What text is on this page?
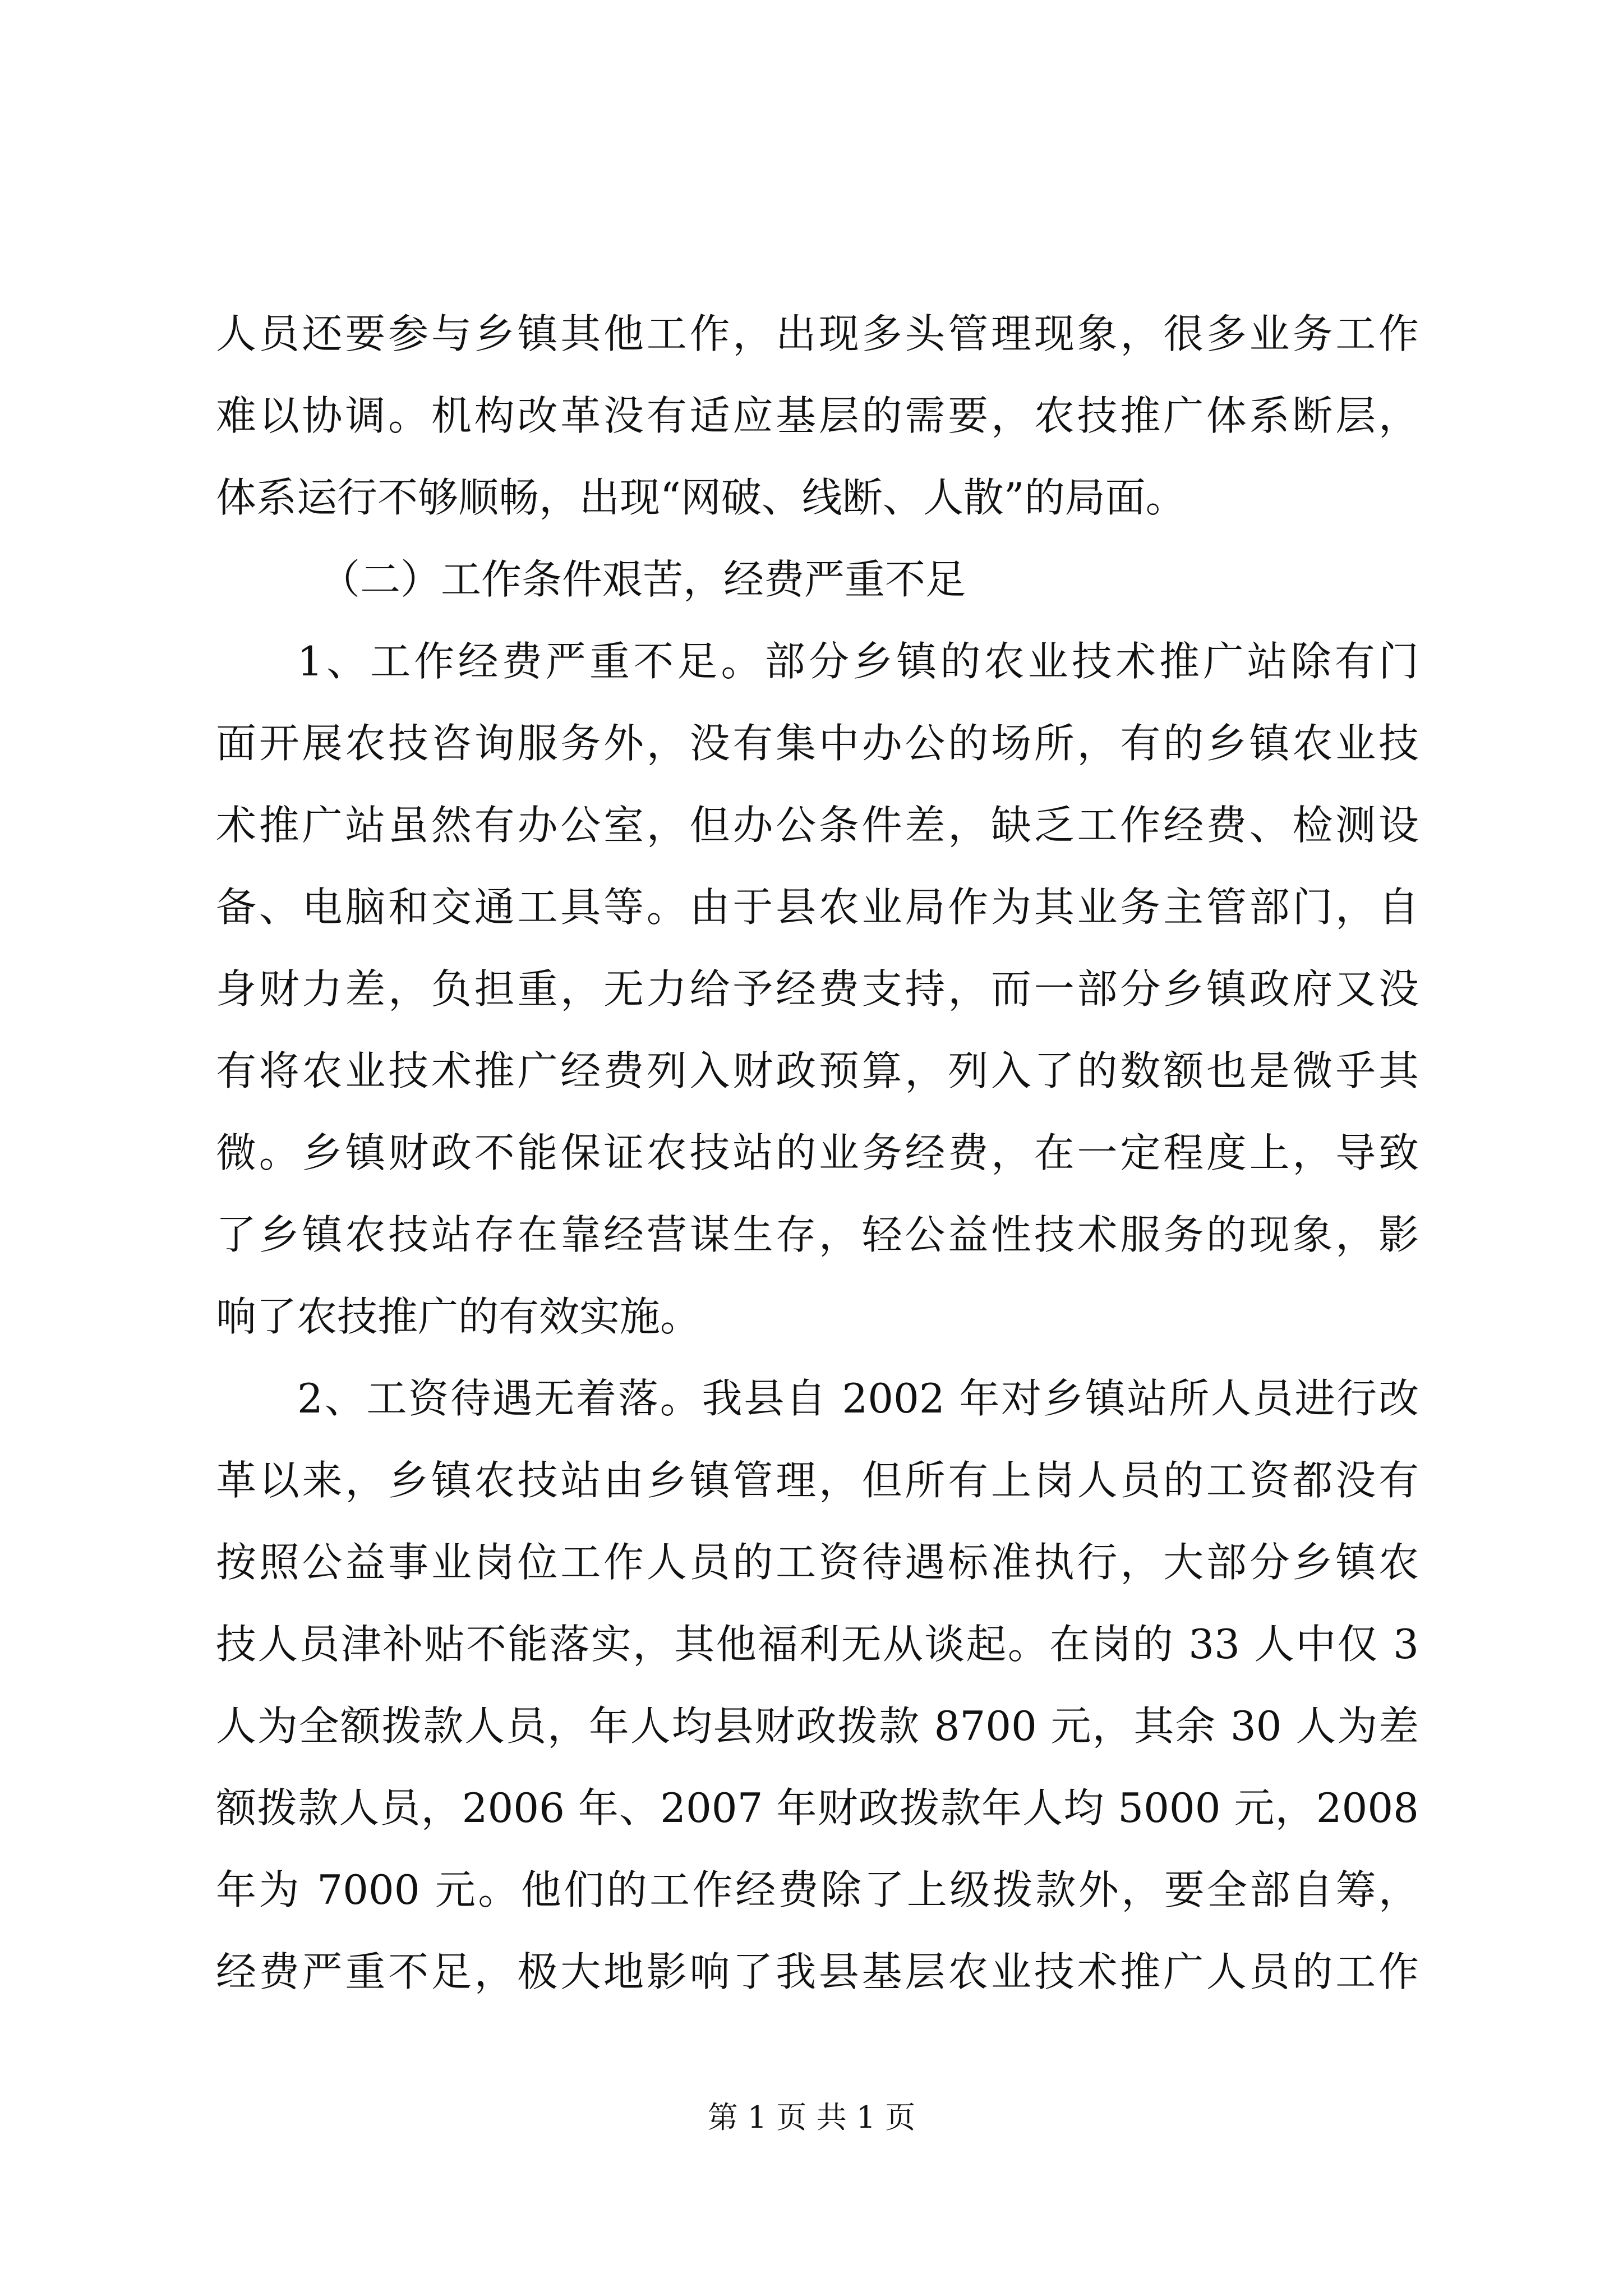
人员还要参与乡镇其他工作，出现多头管理现象，很多业务工作
难以协调。机构改革没有适应基层的需要，农技推广体系断层，
体系运行不够顺畅，出现“网破、线断、人散”的局面。
（二）工作条件艰苦，经费严重不足
1、工作经费严重不足。部分乡镇的农业技术推广站除有门
面开展农技咨询服务外，没有集中办公的场所，有的乡镇农业技
术推广站虽然有办公室，但办公条件差，缺乏工作经费、检测设
备、电脑和交通工具等。由于县农业局作为其业务主管部门，自
身财力差，负担重，无力给予经费支持，而一部分乡镇政府又没
有将农业技术推广经费列入财政预算，列入了的数额也是微乎其
微。乡镇财政不能保证农技站的业务经费，在一定程度上，导致
了乡镇农技站存在靠经营谋生存，轻公益性技术服务的现象，影
响了农技推广的有效实施。
2、工资待遇无着落。我县自 2002 年对乡镇站所人员进行改
革以来，乡镇农技站由乡镇管理，但所有上岗人员的工资都没有
按照公益事业岗位工作人员的工资待遇标准执行，大部分乡镇农
技人员津补贴不能落实，其他福利无从谈起。在岗的 33 人中仅 3
人为全额拨款人员，年人均县财政拨款 8700 元，其余 30 人为差
额拨款人员，2006 年、2007 年财政拨款年人均 5000 元，2008
年为 7000 元。他们的工作经费除了上级拨款外，要全部自筹，
经费严重不足，极大地影响了我县基层农业技术推广人员的工作
第 1 页 共 1 页
